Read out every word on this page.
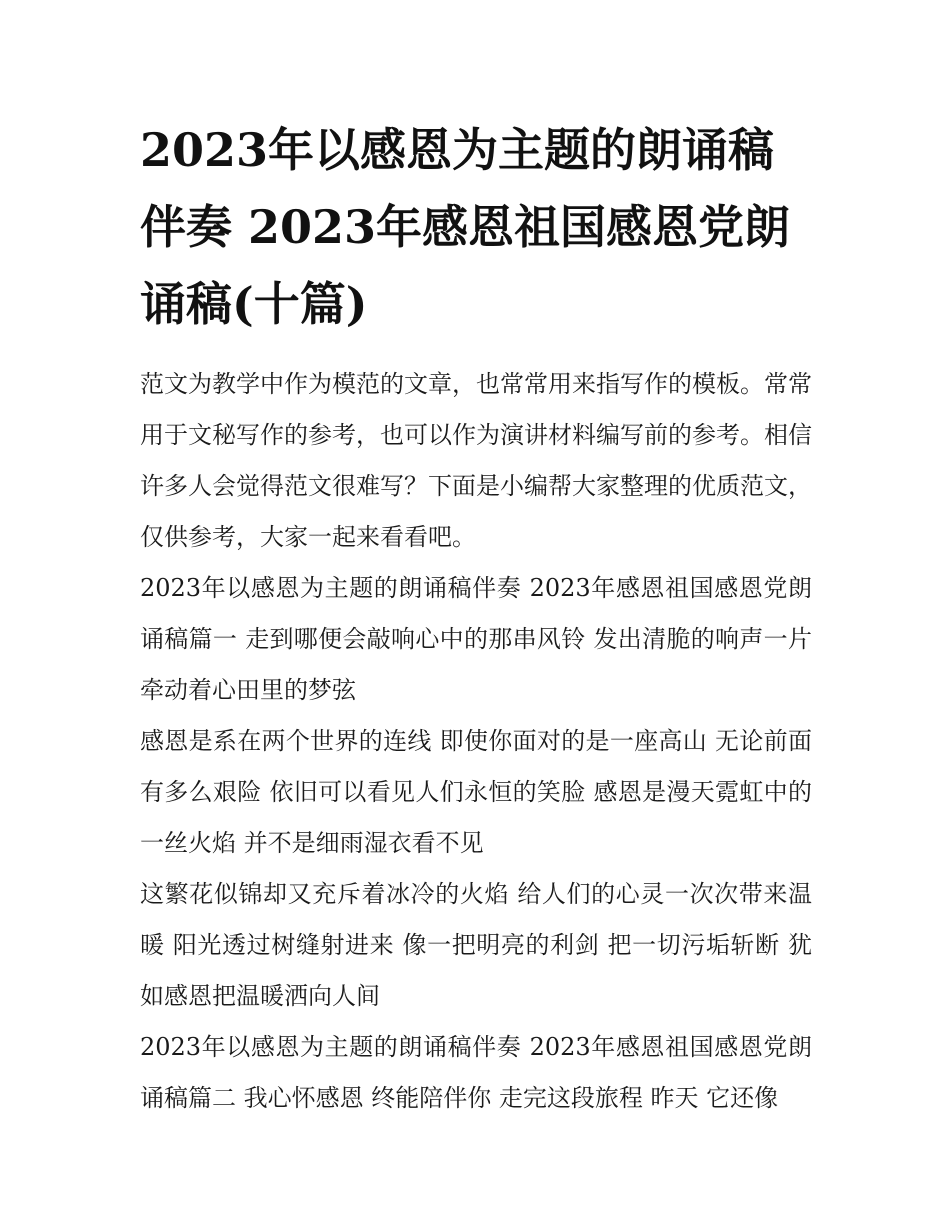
2023年以感恩为主题的朗诵稿伴奏 2023年感恩祖国感恩党朗诵稿(十篇)

范文为教学中作为模范的文章，也常常用来指写作的模板。常常用于文秘写作的参考，也可以作为演讲材料编写前的参考。相信许多人会觉得范文很难写？下面是小编帮大家整理的优质范文，仅供参考，大家一起来看看吧。

2023年以感恩为主题的朗诵稿伴奏 2023年感恩祖国感恩党朗诵稿篇一 走到哪便会敲响心中的那串风铃 发出清脆的响声一片 牵动着心田里的梦弦

感恩是系在两个世界的连线 即使你面对的是一座高山 无论前面有多么艰险 依旧可以看见人们永恒的笑脸 感恩是漫天霓虹中的一丝火焰 并不是细雨湿衣看不见

这繁花似锦却又充斥着冰冷的火焰 给人们的心灵一次次带来温暖 阳光透过树缝射进来 像一把明亮的利剑 把一切污垢斩断 犹如感恩把温暖洒向人间

2023年以感恩为主题的朗诵稿伴奏 2023年感恩祖国感恩党朗诵稿篇二 我心怀感恩 终能陪伴你 走完这段旅程 昨天 它还像
